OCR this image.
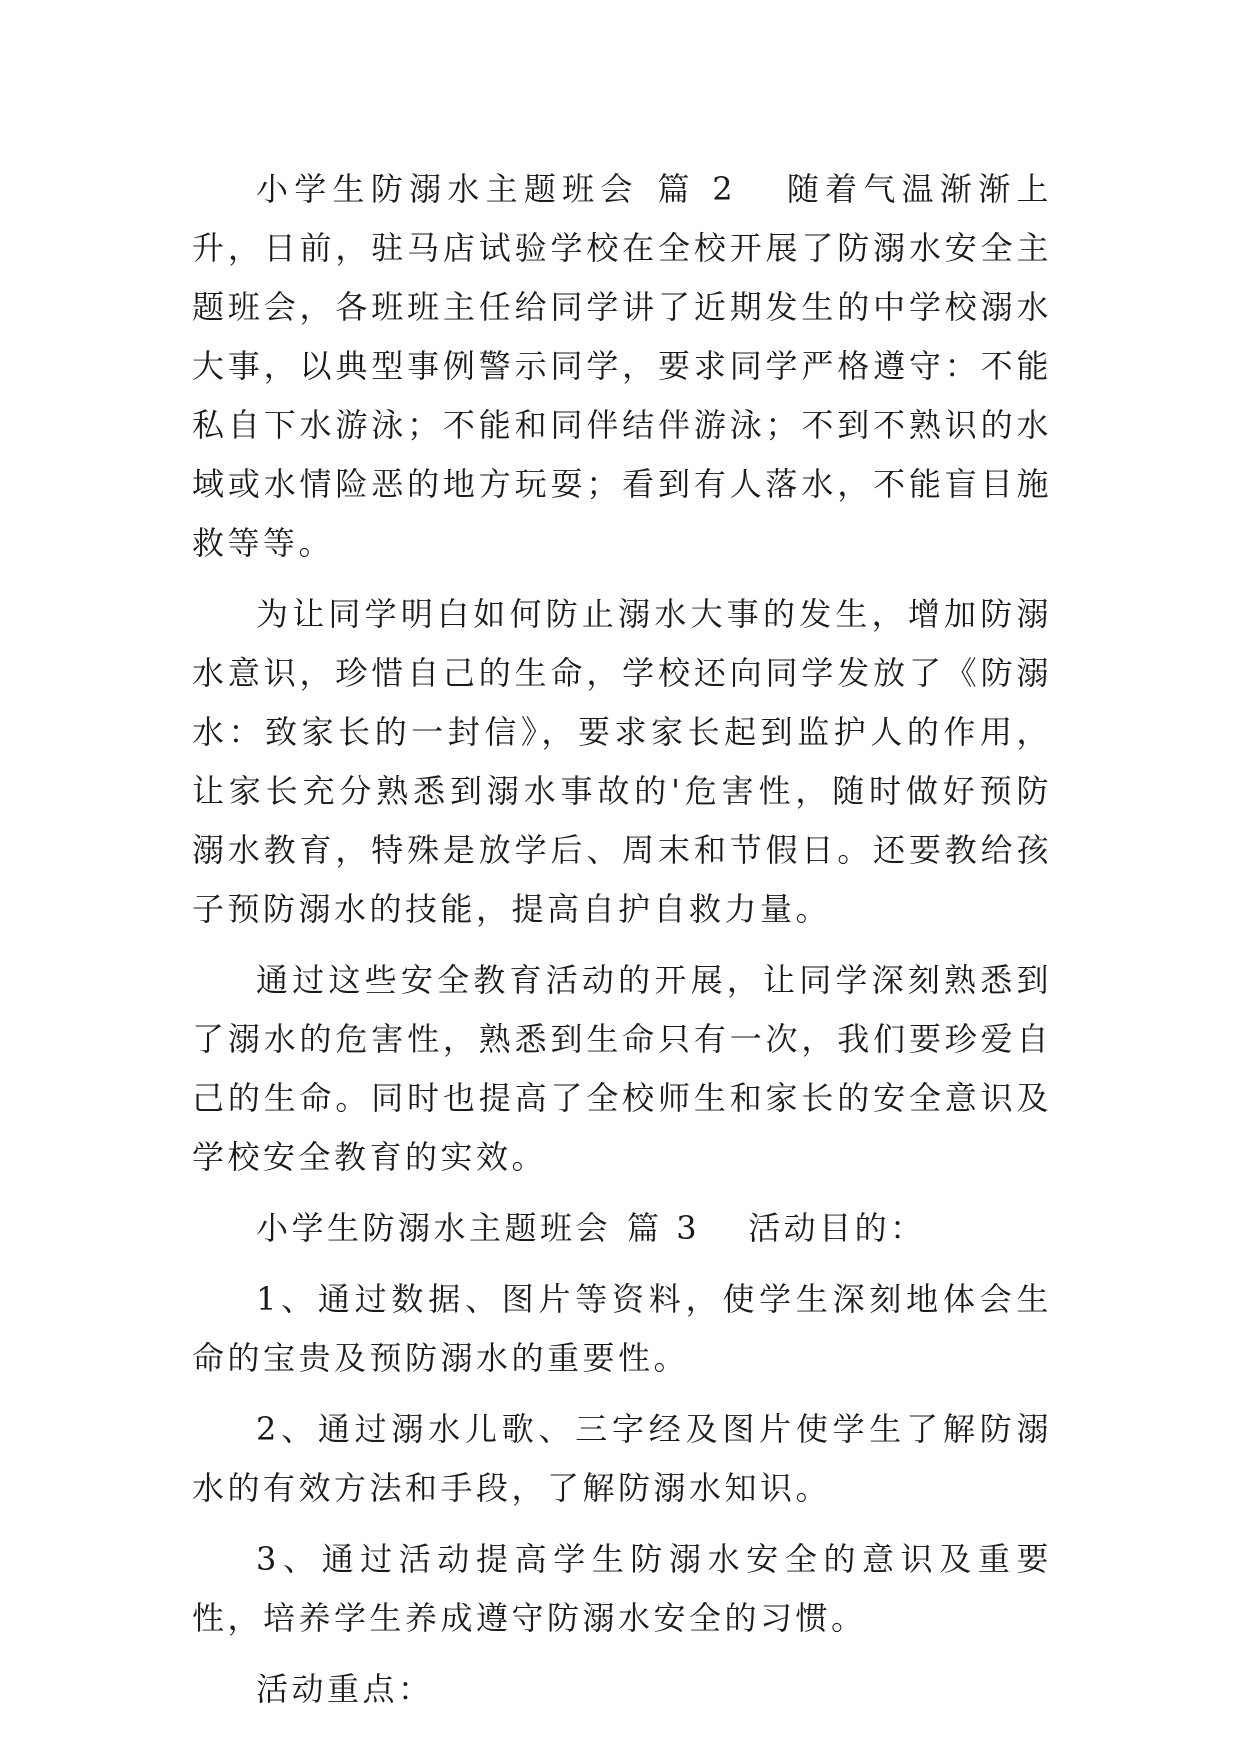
小学生防溺水主题班会 篇 2 随着气温渐渐上升，日前，驻马店试验学校在全校开展了防溺水安全主题班会，各班班主任给同学讲了近期发生的中学校溺水大事，以典型事例警示同学，要求同学严格遵守：不能私自下水游泳；不能和同伴结伴游泳；不到不熟识的水域或水情险恶的地方玩耍；看到有人落水，不能盲目施救等等。

为让同学明白如何防止溺水大事的发生，增加防溺水意识，珍惜自己的生命，学校还向同学发放了《防溺水：致家长的一封信》，要求家长起到监护人的作用，让家长充分熟悉到溺水事故的'危害性，随时做好预防溺水教育，特殊是放学后、周末和节假日。还要教给孩子预防溺水的技能，提高自护自救力量。

通过这些安全教育活动的开展，让同学深刻熟悉到了溺水的危害性，熟悉到生命只有一次，我们要珍爱自己的生命。同时也提高了全校师生和家长的安全意识及学校安全教育的实效。

小学生防溺水主题班会 篇 3 活动目的：

1、通过数据、图片等资料，使学生深刻地体会生命的宝贵及预防溺水的重要性。

2、通过溺水儿歌、三字经及图片使学生了解防溺水的有效方法和手段，了解防溺水知识。

3、通过活动提高学生防溺水安全的意识及重要性，培养学生养成遵守防溺水安全的习惯。

活动重点：
